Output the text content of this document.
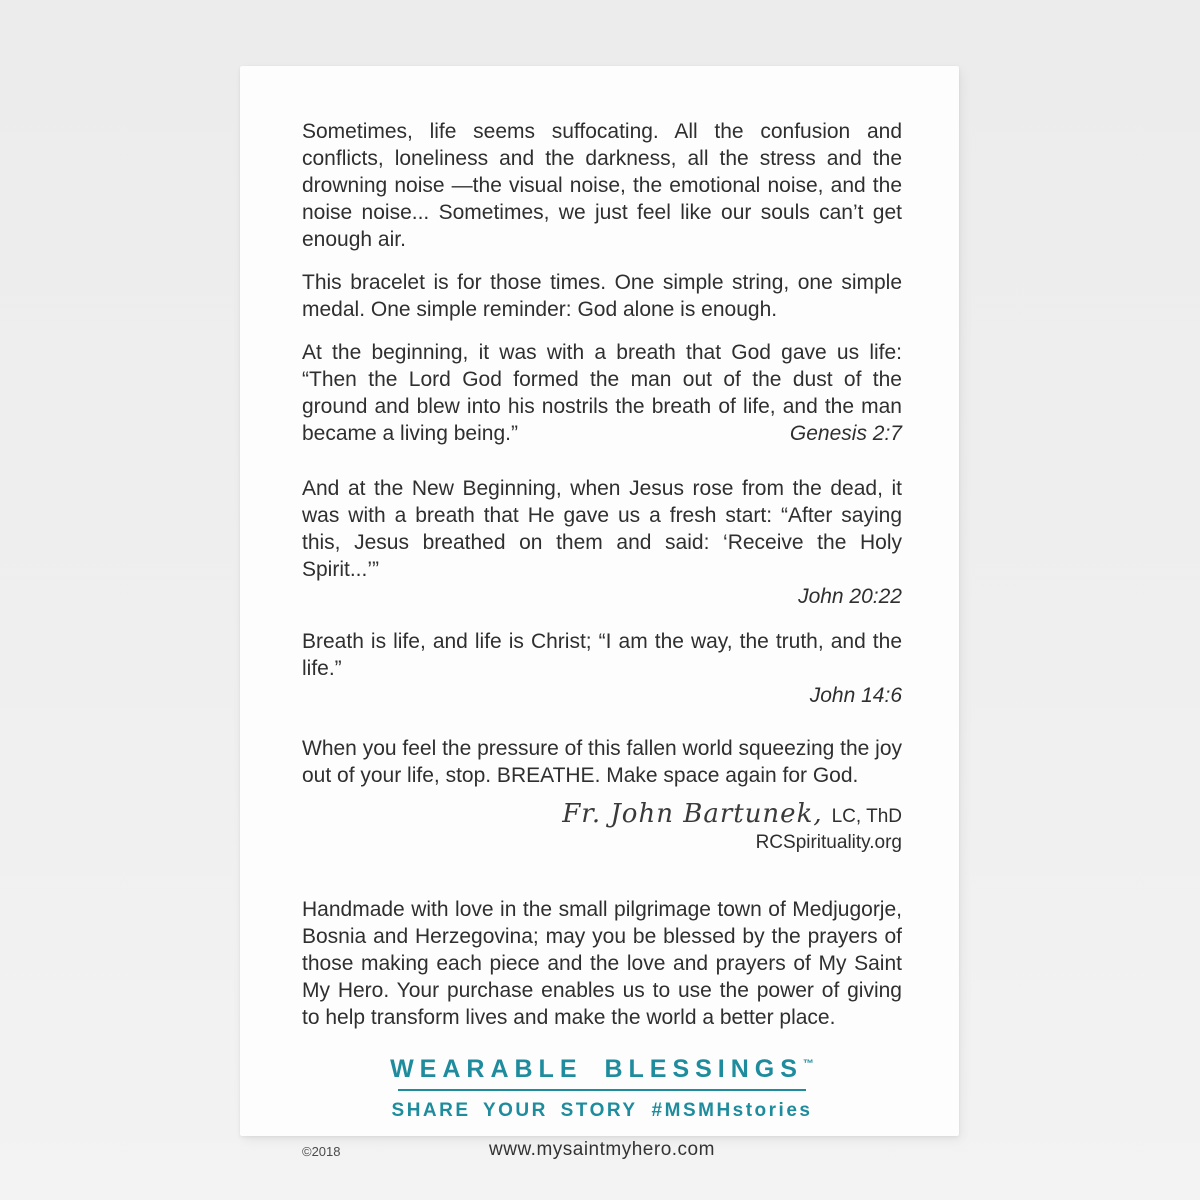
Sometimes, life seems suffocating. All the confusion and conflicts, loneliness and the darkness, all the stress and the drowning noise —the visual noise, the emotional noise, and the noise noise... Sometimes, we just feel like our souls can’t get enough air.

This bracelet is for those times. One simple string, one simple medal. One simple reminder: God alone is enough.

At the beginning, it was with a breath that God gave us life: “Then the Lord God formed the man out of the dust of the ground and blew into his nostrils the breath of life, and the man became a living being.”	Genesis 2:7

And at the New Beginning, when Jesus rose from the dead, it was with a breath that He gave us a fresh start: “After saying this, Jesus breathed on them and said: ‘Receive the Holy Spirit...’”

John 20:22

Breath is life, and life is Christ; “I am the way, the truth, and the life.”

John 14:6

When you feel the pressure of this fallen world squeezing the joy out of your life, stop. BREATHE. Make space again for God.

Fr. John Bartunek, LC, ThD
RCSpirituality.org

Handmade with love in the small pilgrimage town of Medjugorje, Bosnia and Herzegovina; may you be blessed by the prayers of those making each piece and the love and prayers of My Saint My Hero. Your purchase enables us to use the power of giving to help transform lives and make the world a better place.

WEARABLE BLESSINGS™
SHARE YOUR STORY #MSMHstories
©2018	www.mysaintmyhero.com
